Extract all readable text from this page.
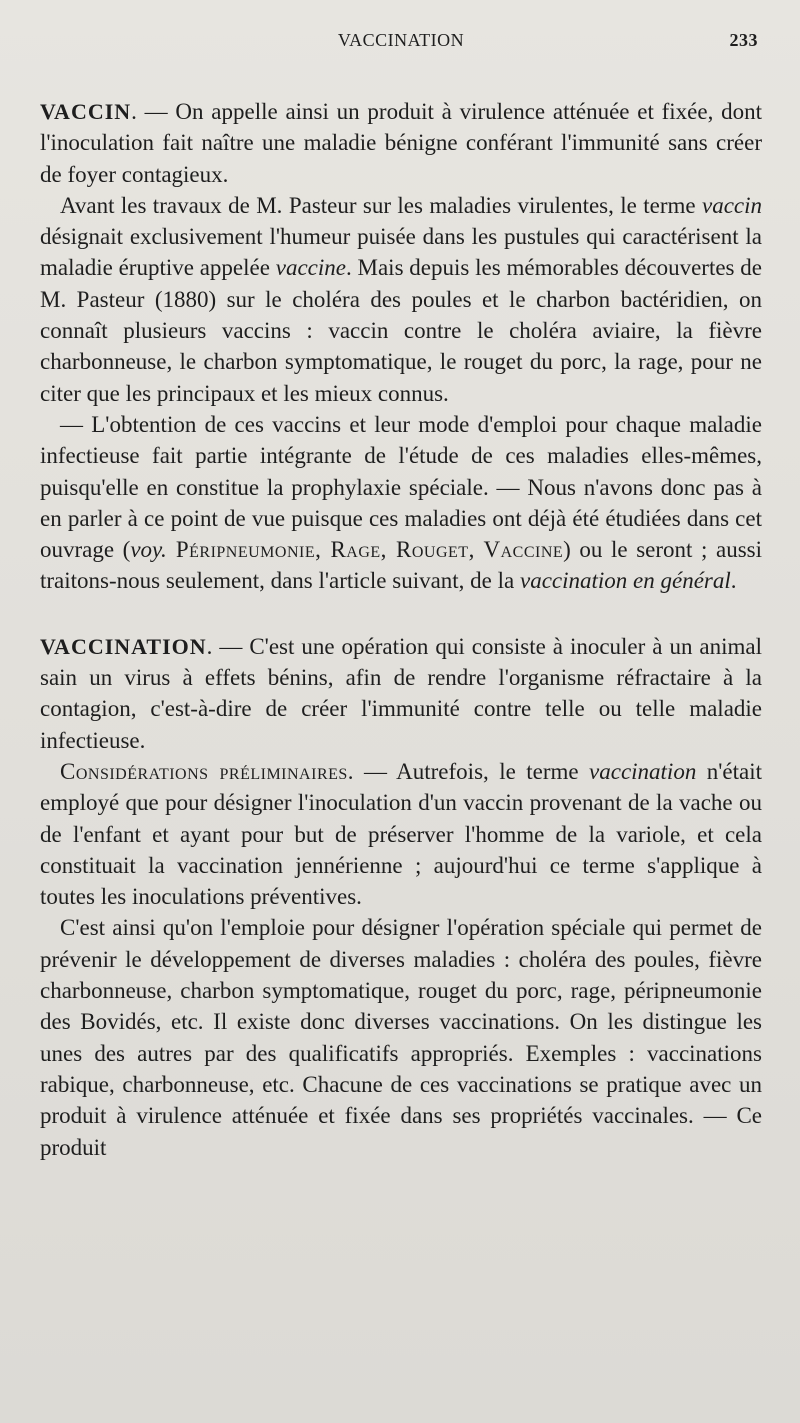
VACCINATION	233

VACCIN. — On appelle ainsi un produit à virulence atténuée et fixée, dont l'inoculation fait naître une maladie bénigne conférant l'immunité sans créer de foyer contagieux.

Avant les travaux de M. Pasteur sur les maladies virulentes, le terme vaccin désignait exclusivement l'humeur puisée dans les pustules qui caractérisent la maladie éruptive appelée vaccine. Mais depuis les mémorables découvertes de M. Pasteur (1880) sur le choléra des poules et le charbon bactéridien, on connaît plusieurs vaccins : vaccin contre le choléra aviaire, la fièvre charbonneuse, le charbon symptomatique, le rouget du porc, la rage, pour ne citer que les principaux et les mieux connus.

— L'obtention de ces vaccins et leur mode d'emploi pour chaque maladie infectieuse fait partie intégrante de l'étude de ces maladies elles-mêmes, puisqu'elle en constitue la prophylaxie spéciale. — Nous n'avons donc pas à en parler à ce point de vue puisque ces maladies ont déjà été étudiées dans cet ouvrage (voy. Péripneumonie, Rage, Rouget, Vaccine) ou le seront ; aussi traitons-nous seulement, dans l'article suivant, de la vaccination en général.

VACCINATION. — C'est une opération qui consiste à inoculer à un animal sain un virus à effets bénins, afin de rendre l'organisme réfractaire à la contagion, c'est-à-dire de créer l'immunité contre telle ou telle maladie infectieuse.

Considérations préliminaires. — Autrefois, le terme vaccination n'était employé que pour désigner l'inoculation d'un vaccin provenant de la vache ou de l'enfant et ayant pour but de préserver l'homme de la variole, et cela constituait la vaccination jennérienne ; aujourd'hui ce terme s'applique à toutes les inoculations préventives.

C'est ainsi qu'on l'emploie pour désigner l'opération spéciale qui permet de prévenir le développement de diverses maladies : choléra des poules, fièvre charbonneuse, charbon symptomatique, rouget du porc, rage, péripneumonie des Bovidés, etc. Il existe donc diverses vaccinations. On les distingue les unes des autres par des qualificatifs appropriés. Exemples : vaccinations rabique, charbonneuse, etc. Chacune de ces vaccinations se pratique avec un produit à virulence atténuée et fixée dans ses propriétés vaccinales. — Ce produit
